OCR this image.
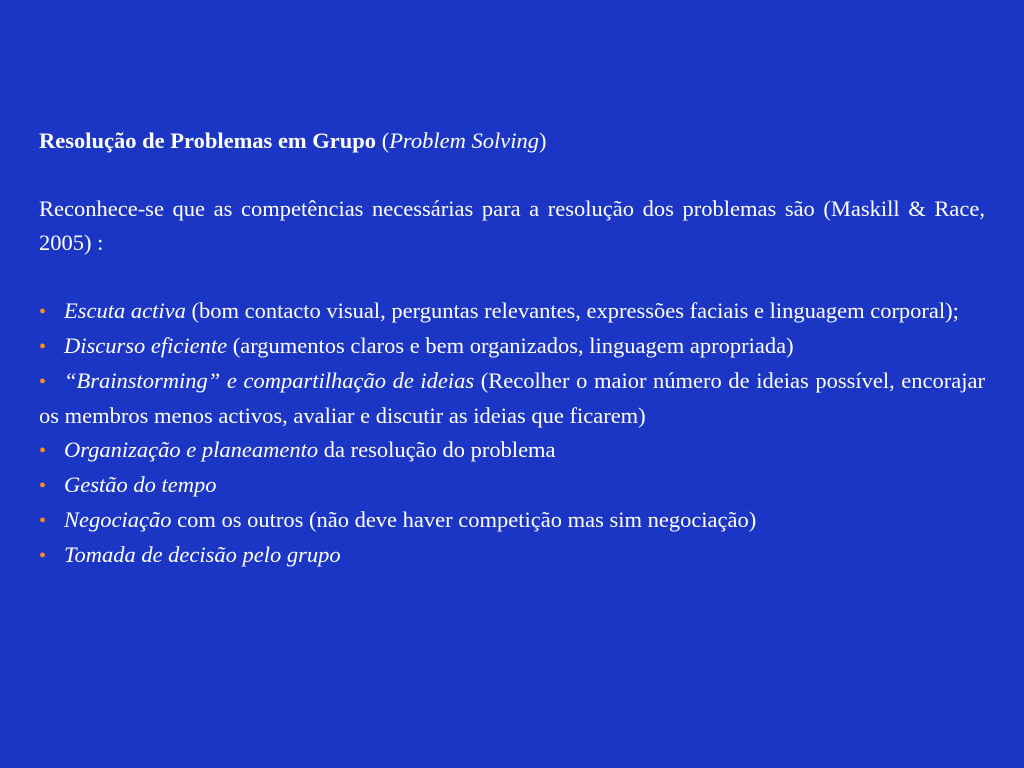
Resolução de Problemas em Grupo (Problem Solving)

Reconhece-se que as competências necessárias para a resolução dos problemas são (Maskill & Race, 2005) :

• Escuta activa (bom contacto visual, perguntas relevantes, expressões faciais e linguagem corporal);
• Discurso eficiente (argumentos claros e bem organizados, linguagem apropriada)
• “Brainstorming” e compartilhação de ideias (Recolher o maior número de ideias possível, encorajar os membros menos activos, avaliar e discutir as ideias que ficarem)
• Organização e planeamento da resolução do problema
• Gestão do tempo
• Negociação com os outros (não deve haver competição mas sim negociação)
• Tomada de decisão pelo grupo
